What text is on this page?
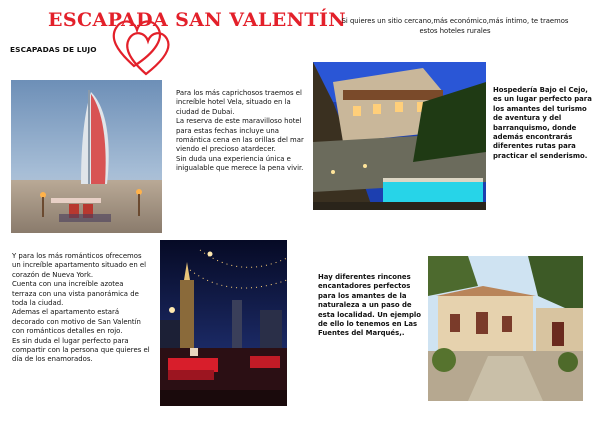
ESCAPADA SAN VALENTÍN
ESCAPADAS DE LUJO
Si quieres un sitio cercano,más económico,más íntimo, te traemos estos hoteles rurales
Para los más caprichosos traemos el increíble hotel Vela, situado en la ciudad de Dubai.
La reserva de este maravilloso hotel para estas fechas incluye una romántica cena en las orillas del mar viendo el precioso atardecer.
Sin duda una experiencia única e inigualable que merece la pena vivir.
Hospedería Bajo el Cejo, es un lugar perfecto para los amantes del turismo de aventura y del barranquismo, donde además encontrarás diferentes rutas para practicar el senderismo.
Y para los más románticos ofrecemos un increíble apartamento situado en el corazón de Nueva York.
Cuenta con una increíble azotea terraza con una vista panorámica de toda la ciudad.
Ademas el apartamento estará decorado con motivo de San Valentín con románticos detalles en rojo.
Es sin duda el lugar perfecto para compartir con la persona que quieres el día de los enamorados.
Hay diferentes rincones encantadores perfectos para los amantes de la naturaleza a un paso de esta localidad. Un ejemplo de ello lo tenemos en Las Fuentes del Marqués,.
